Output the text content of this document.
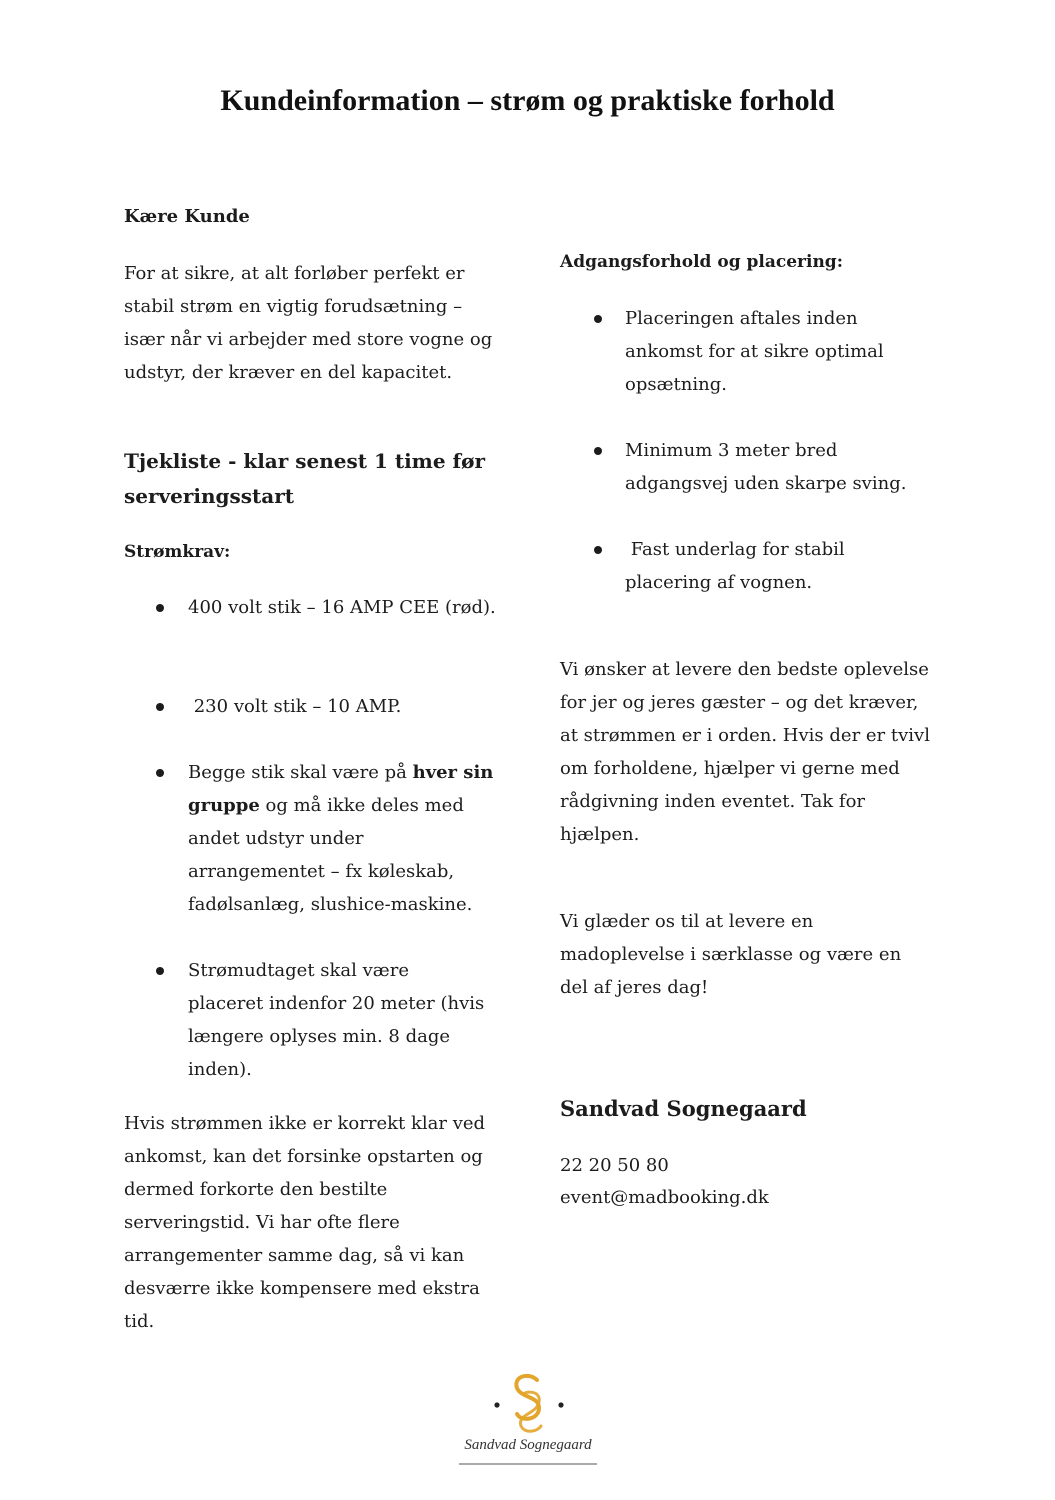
Kundeinformation – strøm og praktiske forhold
Kære Kunde
For at sikre, at alt forløber perfekt er stabil strøm en vigtig forudsætning – især når vi arbejder med store vogne og udstyr, der kræver en del kapacitet.
Tjekliste - klar senest 1 time før serveringsstart
Strømkrav:
400 volt stik – 16 AMP CEE (rød).
230 volt stik – 10 AMP.
Begge stik skal være på hver sin gruppe og må ikke deles med andet udstyr under arrangementet – fx køleskab, fadølsanlæg, slushice-maskine.
Strømudtaget skal være placeret indenfor 20 meter (hvis længere oplyses min. 8 dage inden).
Hvis strømmen ikke er korrekt klar ved ankomst, kan det forsinke opstarten og dermed forkorte den bestilte serveringstid. Vi har ofte flere arrangementer samme dag, så vi kan desværre ikke kompensere med ekstra tid.
Adgangsforhold og placering:
Placeringen aftales inden ankomst for at sikre optimal opsætning.
Minimum 3 meter bred adgangsvej uden skarpe sving.
Fast underlag for stabil placering af vognen.
Vi ønsker at levere den bedste oplevelse for jer og jeres gæster – og det kræver, at strømmen er i orden. Hvis der er tvivl om forholdene, hjælper vi gerne med rådgivning inden eventet. Tak for hjælpen.
Vi glæder os til at levere en madoplevelse i særklasse og være en del af jeres dag!
Sandvad Sognegaard
22 20 50 80
event@madbooking.dk
Sandvad Sognegaard
